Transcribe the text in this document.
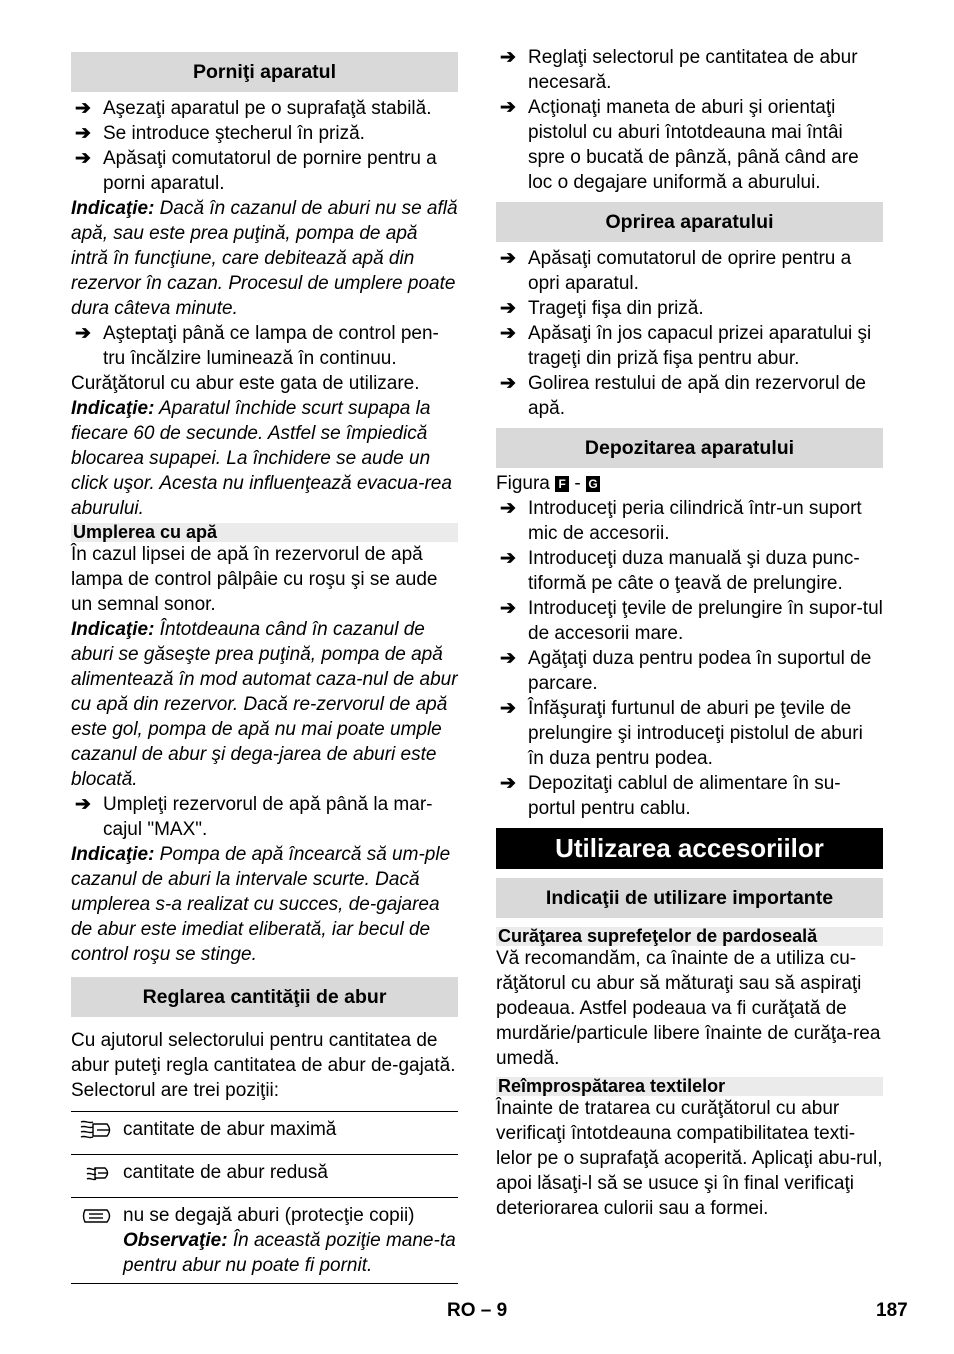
Porniţi aparatul

➔ Aşezaţi aparatul pe o suprafaţă stabilă.

➔ Se introduce ştecherul în priză.

➔ Apăsaţi comutatorul de pornire pentru a porni aparatul.

Indicaţie: Dacă în cazanul de aburi nu se află apă, sau este prea puţină, pompa de apă intră în funcţiune, care debitează apă din rezervor în cazan. Procesul de umplere poate dura câteva minute.

➔ Aşteptaţi până ce lampa de control pen-tru încălzire luminează în continuu.

Curăţătorul cu abur este gata de utilizare.

Indicaţie: Aparatul închide scurt supapa la fiecare 60 de secunde. Astfel se împiedică blocarea supapei. La închidere se aude un click uşor. Acesta nu influenţează evacua-rea aburului.

Umplerea cu apă

În cazul lipsei de apă în rezervorul de apă lampa de control pâlpâie cu roşu şi se aude un semnal sonor.

Indicaţie: Întotdeauna când în cazanul de aburi se găseşte prea puţină, pompa de apă alimentează în mod automat caza-nul de abur cu apă din rezervor. Dacă re-zervorul de apă este gol, pompa de apă nu mai poate umple cazanul de abur şi dega-jarea de aburi este blocată.

➔ Umpleţi rezervorul de apă până la mar-cajul "MAX".

Indicaţie: Pompa de apă încearcă să um-ple cazanul de aburi la intervale scurte. Dacă umplerea s-a realizat cu succes, de-gajarea de abur este imediat eliberată, iar becul de control roşu se stinge.

Reglarea cantităţii de abur

Cu ajutorul selectorului pentru cantitatea de abur puteţi regla cantitatea de abur de-gajată. Selectorul are trei poziţii:

	cantitate de abur maximă
	cantitate de abur redusă
	nu se degajă aburi (protecţie copii)
Observaţie: În această poziţie mane-ta pentru abur nu poate fi pornit.

➔ Reglaţi selectorul pe cantitatea de abur necesară.

➔ Acţionaţi maneta de aburi şi orientaţi pistolul cu aburi întotdeauna mai întâi spre o bucată de pânză, până când are loc o degajare uniformă a aburului.

Oprirea aparatului

➔ Apăsaţi comutatorul de oprire pentru a opri aparatul.

➔ Trageţi fişa din priză.

➔ Apăsaţi în jos capacul prizei aparatului şi trageţi din priză fişa pentru abur.

➔ Golirea restului de apă din rezervorul de apă.

Depozitarea aparatului

Figura F - G

➔ Introduceţi peria cilindrică într-un suport mic de accesorii.

➔ Introduceţi duza manuală şi duza punc-tiformă pe câte o ţeavă de prelungire.

➔ Introduceţi ţevile de prelungire în supor-tul de accesorii mare.

➔ Agăţaţi duza pentru podea în suportul de parcare.

➔ Înfăşuraţi furtunul de aburi pe ţevile de prelungire şi introduceţi pistolul de aburi în duza pentru podea.

➔ Depozitaţi cablul de alimentare în su-portul pentru cablu.

Utilizarea accesoriilor
Indicaţii de utilizare importante
Curăţarea suprefeţelor de pardoseală

Vă recomandăm, ca înainte de a utiliza cu-răţătorul cu abur să măturaţi sau să aspiraţi podeaua. Astfel podeaua va fi curăţată de murdărie/particule libere înainte de curăţa-rea umedă.

Reîmprospătarea textilelor

Înainte de tratarea cu curăţătorul cu abur verificaţi întotdeauna compatibilitatea texti-lelor pe o suprafaţă acoperită. Aplicaţi abu-rul, apoi lăsaţi-l să se usuce şi în final verificaţi deteriorarea culorii sau a formei.

RO – 9	187
